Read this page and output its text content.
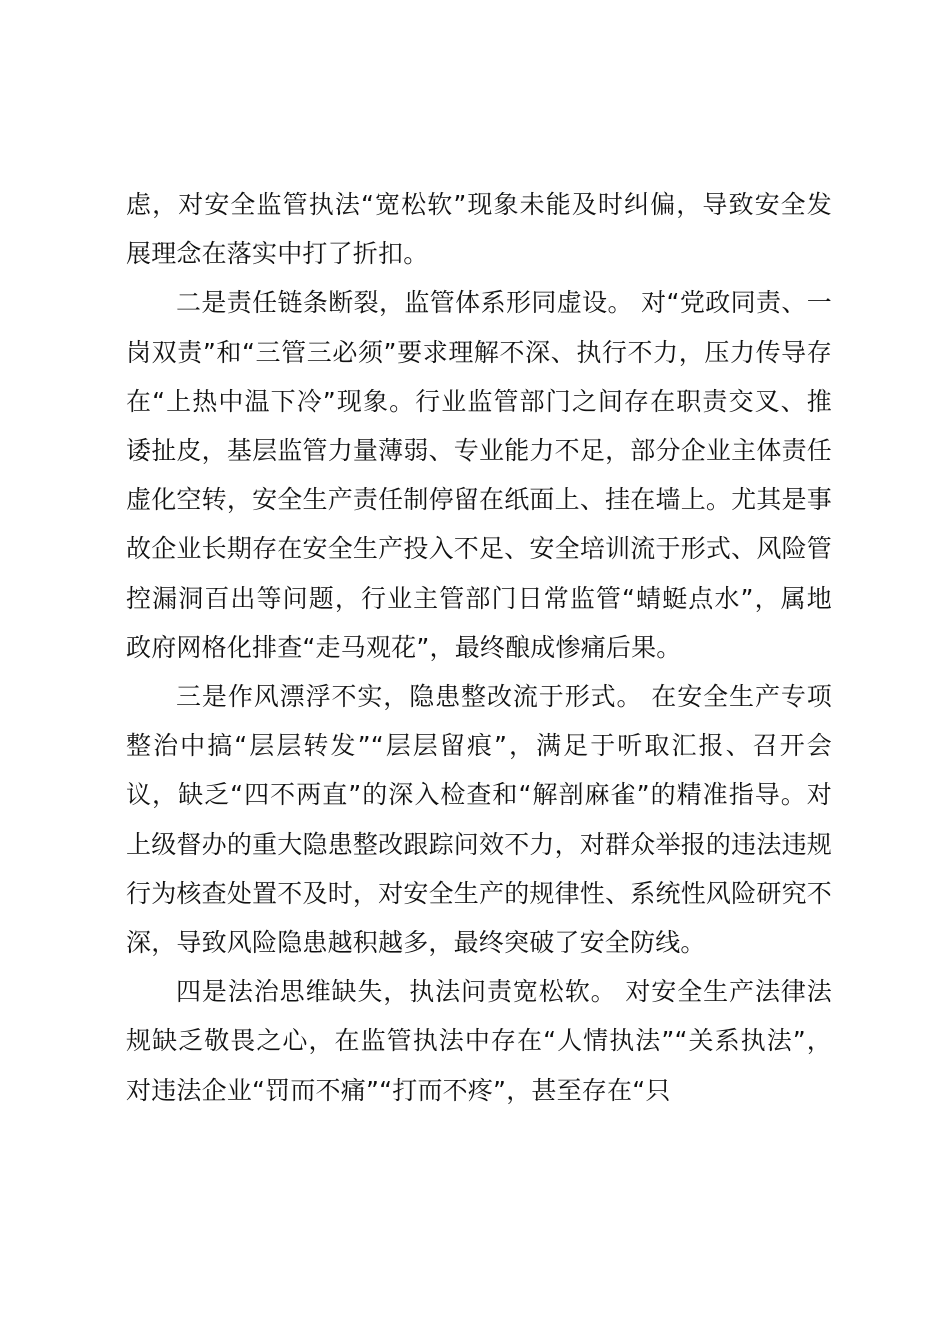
虑，对安全监管执法“宽松软”现象未能及时纠偏，导致安全发展理念在落实中打了折扣。

二是责任链条断裂，监管体系形同虚设。 对“党政同责、一岗双责”和“三管三必须”要求理解不深、执行不力，压力传导存在“上热中温下冷”现象。行业监管部门之间存在职责交叉、推诿扯皮，基层监管力量薄弱、专业能力不足，部分企业主体责任虚化空转，安全生产责任制停留在纸面上、挂在墙上。尤其是事故企业长期存在安全生产投入不足、安全培训流于形式、风险管控漏洞百出等问题，行业主管部门日常监管“蜻蜓点水”，属地政府网格化排查“走马观花”，最终酿成惨痛后果。

三是作风漂浮不实，隐患整改流于形式。 在安全生产专项整治中搞“层层转发”“层层留痕”，满足于听取汇报、召开会议，缺乏“四不两直”的深入检查和“解剖麻雀”的精准指导。对上级督办的重大隐患整改跟踪问效不力，对群众举报的违法违规行为核查处置不及时，对安全生产的规律性、系统性风险研究不深，导致风险隐患越积越多，最终突破了安全防线。

四是法治思维缺失，执法问责宽松软。 对安全生产法律法规缺乏敬畏之心，在监管执法中存在“人情执法”“关系执法”，对违法企业“罚而不痛”“打而不疼”，甚至存在“只
